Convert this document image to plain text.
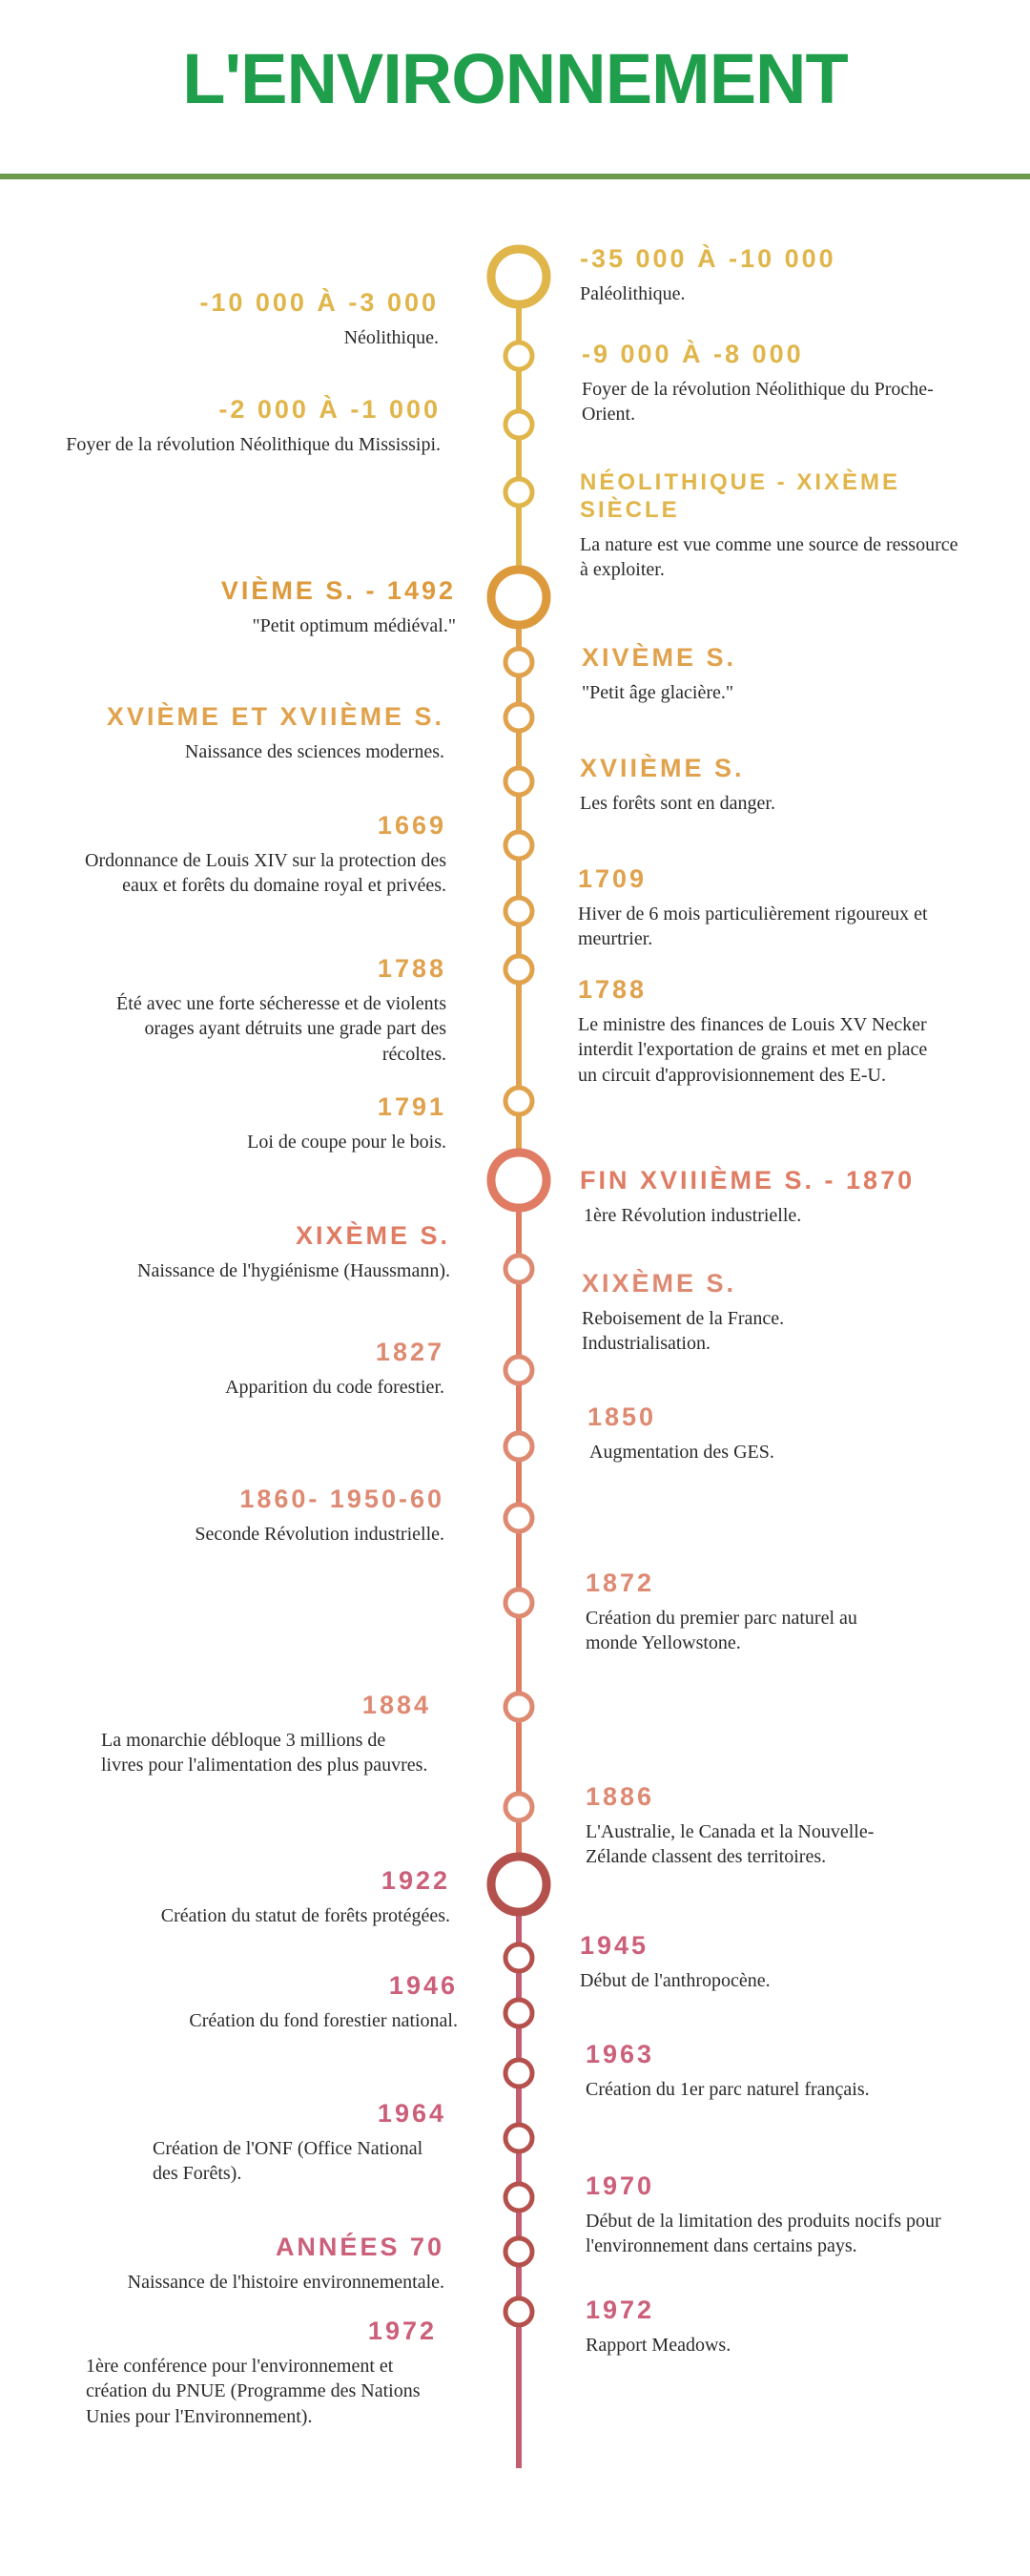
L'ENVIRONNEMENT
-10 000 À -3 000
Néolithique.
-2 000 À -1 000
Foyer de la révolution Néolithique du Mississipi.
VIÈME S. - 1492
"Petit optimum médiéval."
XVIÈME ET XVIIÈME S.
Naissance des sciences modernes.
1669
Ordonnance de Louis XIV sur la protection des eaux et forêts du domaine royal et privées.
1788
Été avec une forte sécheresse et de violents orages ayant détruits une grade part des récoltes.
1791
Loi de coupe pour le bois.
XIXÈME S.
Naissance de l'hygiénisme (Haussmann).
1827
Apparition du code forestier.
1860- 1950-60
Seconde Révolution industrielle.
1884
La monarchie débloque 3 millions de livres pour l'alimentation des plus pauvres.
1922
Création du statut de forêts protégées.
1946
Création du fond forestier national.
1964
Création de l'ONF (Office National des Forêts).
ANNÉES 70
Naissance de l'histoire environnementale.
1972
1ère conférence pour l'environnement et création du PNUE (Programme des Nations Unies pour l'Environnement).
-35 000 À -10 000
Paléolithique.
-9 000 À -8 000
Foyer de la révolution Néolithique du Proche-Orient.
NÉOLITHIQUE - XIXÈME SIÈCLE
La nature est vue comme une source de ressource à exploiter.
XIVÈME S.
"Petit âge glacière."
XVIIÈME S.
Les forêts sont en danger.
1709
Hiver de 6 mois particulièrement rigoureux et meurtrier.
1788
Le ministre des finances de Louis XV Necker interdit l'exportation de grains et met en place un circuit d'approvisionnement des E-U.
FIN XVIIIÈME S. - 1870
1ère Révolution industrielle.
XIXÈME S.
Reboisement de la France. Industrialisation.
1850
Augmentation des GES.
1872
Création du premier parc naturel au monde Yellowstone.
1886
L'Australie, le Canada et la Nouvelle-Zélande classent des territoires.
1945
Début de l'anthropocène.
1963
Création du 1er parc naturel français.
1970
Début de la limitation des produits nocifs pour l'environnement dans certains pays.
1972
Rapport Meadows.
